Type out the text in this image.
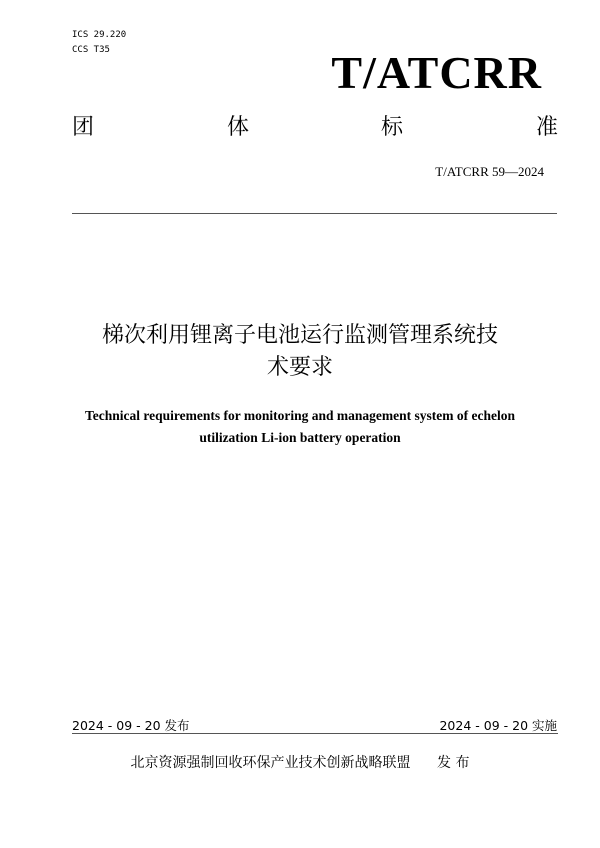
ICS 29.220
CCS T35	T/ATCRR
团	体	标	准
T/ATCRR 59—2024
梯次利用锂离子电池运行监测管理系统技
术要求
Technical requirements for monitoring and management system of echelon
utilization Li-ion battery operation
2024 - 09 - 20 发布	2024 - 09 - 20 实施
北京资源强制回收环保产业技术创新战略联盟 发 布
